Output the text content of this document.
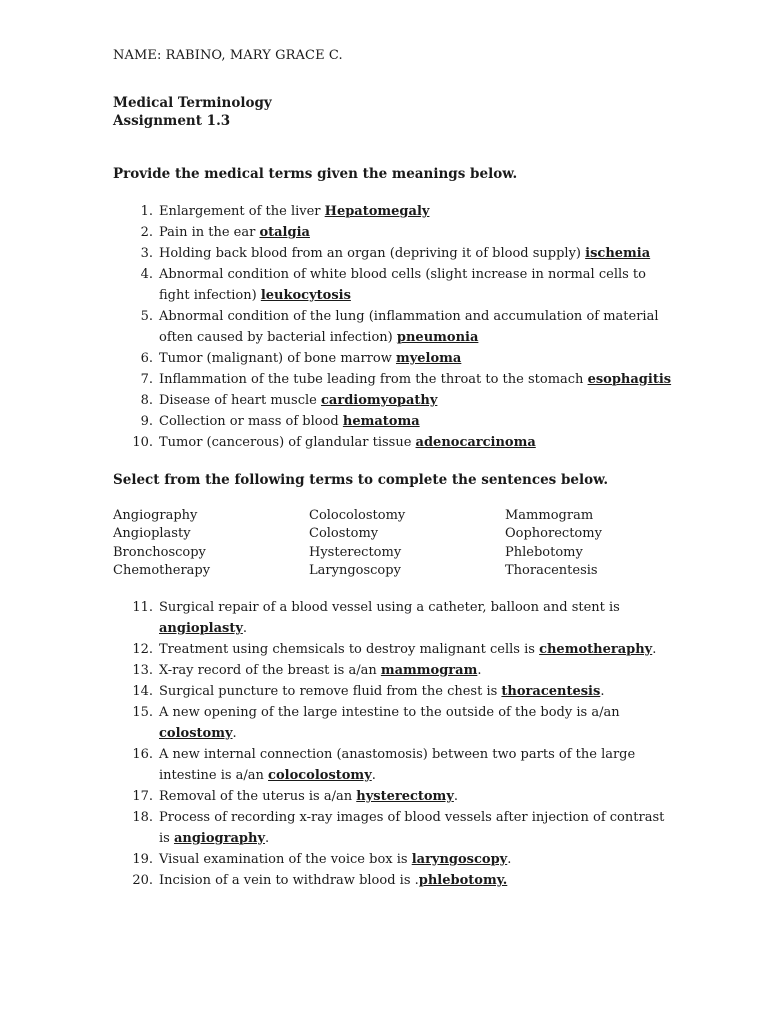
NAME: RABINO, MARY GRACE C.
Medical Terminology
Assignment 1.3
Provide the medical terms given the meanings below.
1. Enlargement of the liver Hepatomegaly
2. Pain in the ear otalgia
3. Holding back blood from an organ (depriving it of blood supply) ischemia
4. Abnormal condition of white blood cells (slight increase in normal cells to fight infection) leukocytosis
5. Abnormal condition of the lung (inflammation and accumulation of material often caused by bacterial infection) pneumonia
6. Tumor (malignant) of bone marrow myeloma
7. Inflammation of the tube leading from the throat to the stomach esophagitis
8. Disease of heart muscle cardiomyopathy
9. Collection or mass of blood hematoma
10. Tumor (cancerous) of glandular tissue adenocarcinoma
Select from the following terms to complete the sentences below.
Angiography	Colocolostomy	Mammogram
Angioplasty	Colostomy	Oophorectomy
Bronchoscopy	Hysterectomy	Phlebotomy
Chemotherapy	Laryngoscopy	Thoracentesis
11. Surgical repair of a blood vessel using a catheter, balloon and stent is angioplasty.
12. Treatment using chemsicals to destroy malignant cells is chemotheraphy.
13. X-ray record of the breast is a/an mammogram.
14. Surgical puncture to remove fluid from the chest is thoracentesis.
15. A new opening of the large intestine to the outside of the body is a/an colostomy.
16. A new internal connection (anastomosis) between two parts of the large intestine is a/an colocolostomy.
17. Removal of the uterus is a/an hysterectomy.
18. Process of recording x-ray images of blood vessels after injection of contrast is angiography.
19. Visual examination of the voice box is laryngoscopy.
20. Incision of a vein to withdraw blood is .phlebotomy.
